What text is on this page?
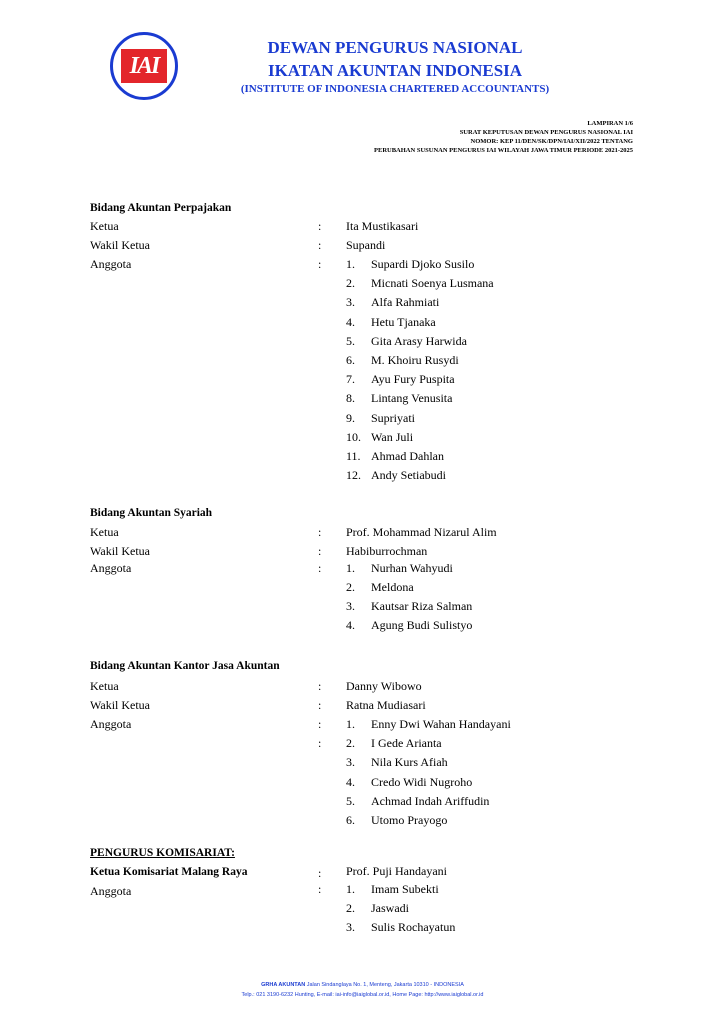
IAI
DEWAN PENGURUS NASIONAL
IKATAN AKUNTAN INDONESIA
(INSTITUTE OF INDONESIA CHARTERED ACCOUNTANTS)
LAMPIRAN 1/6
SURAT KEPUTUSAN DEWAN PENGURUS NASIONAL IAI
NOMOR: KEP 11/DEN/SK/DPN/IAI/XII/2022 TENTANG
PERUBAHAN SUSUNAN PENGURUS IAI WILAYAH JAWA TIMUR PERIODE 2021-2025
Bidang Akuntan Perpajakan
Ketua	: Ita Mustikasari
Wakil Ketua	: Supandi
Anggota	: 1. Supardi Djoko Susilo
2. Micnati Soenya Lusmana
3. Alfa Rahmiati
4. Hetu Tjanaka
5. Gita Arasy Harwida
6. M. Khoiru Rusydi
7. Ayu Fury Puspita
8. Lintang Venusita
9. Supriyati
10. Wan Juli
11. Ahmad Dahlan
12. Andy Setiabudi
Bidang Akuntan Syariah
Ketua	: Prof. Mohammad Nizarul Alim
Wakil Ketua	: Habiburrochman
Anggota	: 1. Nurhan Wahyudi
2. Meldona
3. Kautsar Riza Salman
4. Agung Budi Sulistyo
Bidang Akuntan Kantor Jasa Akuntan
Ketua	: Danny Wibowo
Wakil Ketua	: Ratna Mudiasari
Anggota	: 1. Enny Dwi Wahan Handayani
2. I Gede Arianta
3. Nila Kurs Afiah
4. Credo Widi Nugroho
5. Achmad Indah Ariffudin
6. Utomo Prayogo
PENGURUS KOMISARIAT:
Ketua Komisariat Malang Raya	: Prof. Puji Handayani
Anggota	: 1. Imam Subekti
2. Jaswadi
3. Sulis Rochayatun
GRHA AKUNTAN Jalan Sindanglaya No. 1, Menteng, Jakarta 10310 - INDONESIA
Telp.: 021 3190-6232 Hunting, E-mail: iai-info@iaiglobal.or.id, Home Page: http://www.iaiglobal.or.id
:
